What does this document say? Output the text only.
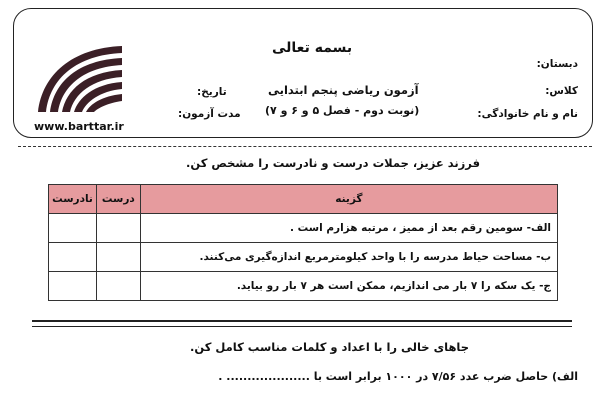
بسمه تعالی
دبستان:
کلاس:
نام و نام خانوادگی:
آزمون ریاضی پنجم ابتدایی
(نوبت دوم - فصل ۵ و ۶ و ۷)
تاریخ:
مدت آزمون:
www.barttar.ir
فرزند عزیز، جملات درست و نادرست را مشخص کن.
گزینه	درست	نادرست
الف- سومین رقم بعد از ممیز ، مرتبه هزارم است .		
ب- مساحت حیاط مدرسه را با واحد کیلومترمربع اندازه‌گیری می‌کنند.		
ج- یک سکه را ۷ بار می اندازیم، ممکن است هر ۷ بار رو بیاید.		
جاهای خالی را با اعداد و کلمات مناسب کامل کن.
الف) حاصل ضرب عدد ۷/۵۶ در ۱۰۰۰ برابر است با .................... .
